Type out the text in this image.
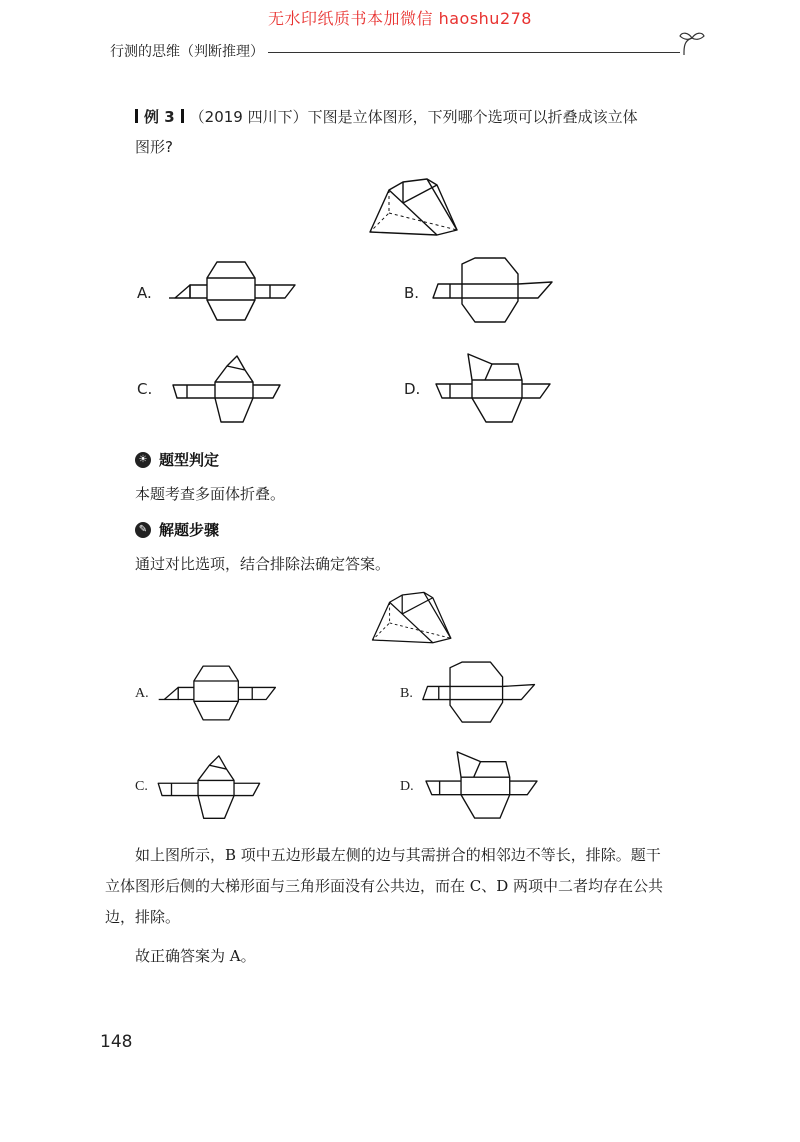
无水印纸质书本加微信 haoshu278
行测的思维（判断推理）
例 3 （2019 四川下）下图是立体图形，下列哪个选项可以折叠成该立体
图形?
A.	B.
C.	D.
☀ 题型判定
本题考查多面体折叠。
✎ 解题步骤
通过对比选项，结合排除法确定答案。
A.	B.
C.	D.
如上图所示，B 项中五边形最左侧的边与其需拼合的相邻边不等长，排除。题干
立体图形后侧的大梯形面与三角形面没有公共边，而在 C、D 两项中二者均存在公共
边，排除。
故正确答案为 A。
148
